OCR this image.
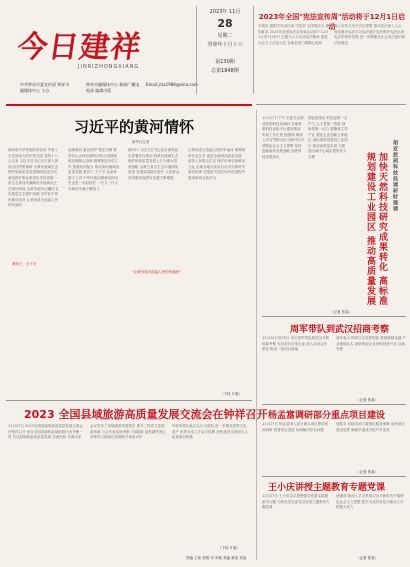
今日建祥
JINRIZHONGXIANG
中共钟祥市委宣传部 钟祥市融媒体中心 主办
钟祥市融媒体中心 新闻广播电视部 编辑出版
Email:jrzx1988@sina.com
2023年 11月
28
星期二
癸卯年十月十六
第130期
总第1848期
2023年全国"宪法宣传周"活动将于12月1日启动
本报讯 根据中央宣传部 司法部 全国普法办 通知要求 2023年全国宪法宣传周活动将于12月1日至7日举行 主题为大力弘扬宪法精神 建设社会主义法治文化 各地各部门要精心组织
深入宣传习近平法治思想 推动宪法深入人心 营造尊崇宪法学习宪法遵守宪法维护宪法运用宪法的浓厚氛围 进一步增强全社会宪法意识和法治观念
习近平的黄河情怀
新华社记者
黄河是中华民族的母亲河 孕育了古老而伟大的中华文明 党的十八大以来 习近平总书记多次深入黄河沿线考察调研 为黄河流域生态保护和高质量发展指明前进方向 黄河保护事业取得历史性成就 一条生态黄河安澜黄河幸福黄河正在加快形成 沿黄各地牢记嘱托 扎实推进生态保护治理 守护好中华民族母亲河 让黄河成为造福人民的幸福河
黄河宁，天下平
治理黄河 重在保护 要在治理 要坚持山水林田湖草沙综合治理系统治理源头治理 统筹推进各项工作 加强协同配合 推动黄河流域高质量发展 黄河宁 天下平 从某种意义上讲 中华民族治理黄河的历史也是一部治国史 一代又一代人为黄河安澜不懈奋斗
新时代 习近平总书记亲自谋划亲自部署亲自推动 将黄河流域生态保护和高质量发展上升为重大国家战略 沿黄九省区生态环境持续改善 发展质量稳步提升 人民群众获得感幸福感安全感不断增强
"让黄河成为造福人民的幸福河"
让黄河成为造福人民的幸福河 保障黄河长治久安 促进全流域高质量发展 改善人民群众生活 保护传承弘扬黄河文化 沿黄各地以实际行动书写新时代黄河故事 在推进中国式现代化进程中展现新担当新作为
（下转 3 版）
胡亚波到科技局调研时强调
加快天然科技研究成果转化 高标准规划建设工业园区 推动高质量发展
11月27日下午 市委书记胡亚波到科技局调研 实地察看科技创新平台建设情况 听取工作汇报 他强调 要深入学习贯彻习近平新时代中国特色社会主义思想 坚持创新驱动发展战略 加快科技成果转化
胡亚波指出 科技是第一生产力 人才是第一资源 创新是第一动力 要聚焦主导产业 强化企业创新主体地位 高标准规划建设工业园区 推动高质量发展 为建设区域中心城市提供有力支撑
（记者 张某）
周军带队到武汉招商考察
11月24日至25日 市长周军带队到武汉开展招商考察 先后拜访多家企业 深入洽谈合作事宜 推动一批项目落地
周军表示 钟祥区位优势明显 资源禀赋优越 产业基础扎实 诚挚欢迎企业来钟投资兴业 共谋发展
（记者 张某）
杨孟富调研部分重点项目建设
11月27日 杨孟富深入部分重点项目建设现场调研 察看项目进度 协调解决存在问题
他要求 各地各部门要强化服务保障 加快项目建设进度 确保早建成早投产早见效
（记者 张某）
王小庆讲授主题教育专题党课
11月27日 王小庆以学思想强党性重实践建新功为题 为所在党支部党员讲授主题教育专题党课
他强调 要深入学习贯彻习近平新时代中国特色社会主义思想 把学习成效转化为推动工作的强大动力
（记者 张某）
2023 全国县域旅游高质量发展交流会在钟祥召开
11月27日 2023全国县域旅游高质量发展交流会在钟祥召开 来自全国各地的县域旅游代表齐聚一堂 共话县域旅游高质量发展 交流经验 共谋未来
会议发布了县域旅游发展报告 推介了钟祥文化旅游资源 与会代表实地考察了明显陵 莫愁湖等景区 对钟祥文旅融合发展给予高度评价
钟祥市将以此次会议为契机 进一步擦亮世界文化遗产 世界长寿之乡金字招牌 加快建设全国知名文化旅游目的地
（下转 3 版）
责编 王某 张校 对 刘某 美编 黄某 吴某
